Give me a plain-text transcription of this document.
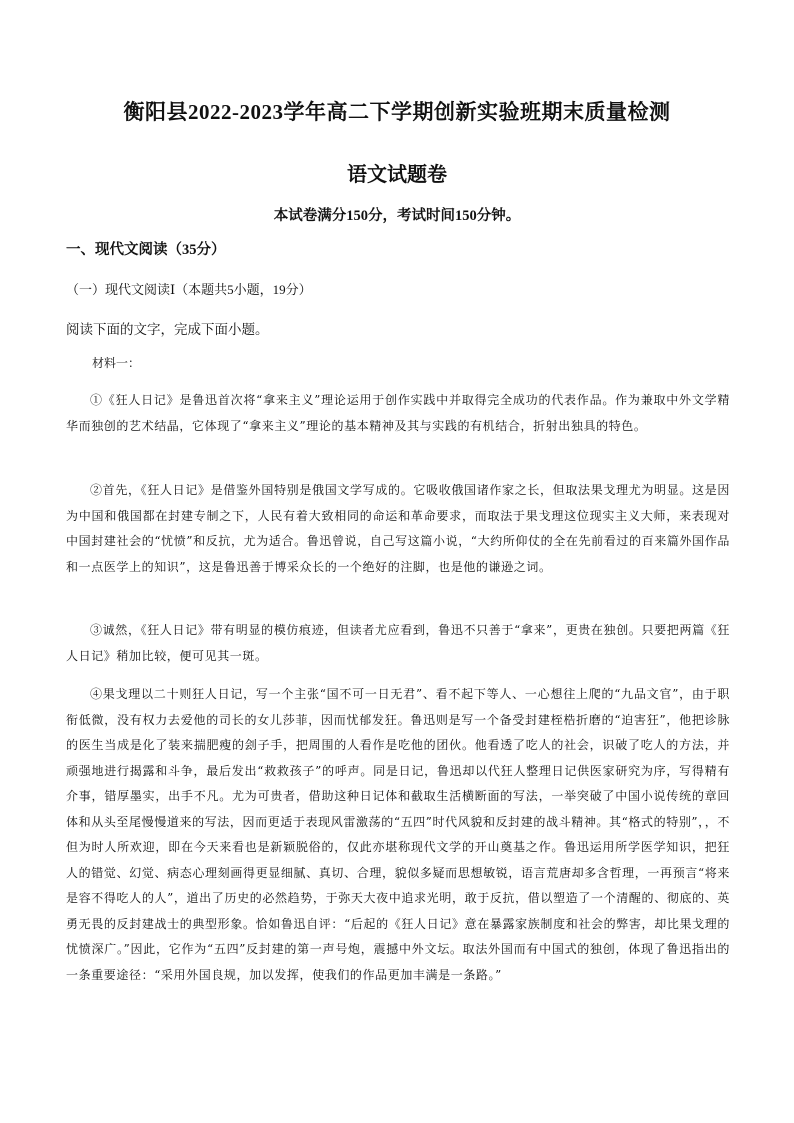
衡阳县2022-2023学年高二下学期创新实验班期末质量检测
语文试题卷
本试卷满分150分，考试时间150分钟。
一、现代文阅读（35分）
（一）现代文阅读Ⅰ（本题共5小题，19分）
阅读下面的文字，完成下面小题。
材料一：

①《狂人日记》是鲁迅首次将“拿来主义”理论运用于创作实践中并取得完全成功的代表作品。作为兼取中外文学精华而独创的艺术结晶，它体现了“拿来主义”理论的基本精神及其与实践的有机结合，折射出独具的特色。

②首先，《狂人日记》是借鉴外国特别是俄国文学写成的。它吸收俄国诸作家之长，但取法果戈理尤为明显。这是因为中国和俄国都在封建专制之下，人民有着大致相同的命运和革命要求，而取法于果戈理这位现实主义大师，来表现对中国封建社会的“忧愤”和反抗，尤为适合。鲁迅曾说，自己写这篇小说，“大约所仰仗的全在先前看过的百来篇外国作品和一点医学上的知识”，这是鲁迅善于博采众长的一个绝好的注脚，也是他的谦逊之词。

③诚然，《狂人日记》带有明显的模仿痕迹，但读者尤应看到，鲁迅不只善于“拿来”，更贵在独创。只要把两篇《狂人日记》稍加比较，便可见其一斑。

④果戈理以二十则狂人日记，写一个主张“国不可一日无君”、看不起下等人、一心想往上爬的“九品文官”，由于职衔低微，没有权力去爱他的司长的女儿莎菲，因而忧郁发狂。鲁迅则是写一个备受封建桎梏折磨的“迫害狂”，他把诊脉的医生当成是化了装来揣肥瘦的刽子手，把周围的人看作是吃他的团伙。他看透了吃人的社会，识破了吃人的方法，并顽强地进行揭露和斗争，最后发出“救救孩子”的呼声。同是日记，鲁迅却以代狂人整理日记供医家研究为序，写得精有介事，错厚墨实，出手不凡。尤为可贵者，借助这种日记体和截取生活横断面的写法，一举突破了中国小说传统的章回体和从头至尾慢慢道来的写法，因而更适于表现风雷激荡的“五四”时代风貌和反封建的战斗精神。其“格式的特别”，，不但为时人所欢迎，即在今天来看也是新颖脱俗的，仅此亦堪称现代文学的开山奠基之作。鲁迅运用所学医学知识，把狂人的错觉、幻觉、病态心理刻画得更显细腻、真切、合理，貌似多疑而思想敏锐，语言荒唐却多含哲理，一再预言“将来是容不得吃人的人”，道出了历史的必然趋势，于弥天大夜中追求光明，敢于反抗，借以塑造了一个清醒的、彻底的、英勇无畏的反封建战士的典型形象。恰如鲁迅自评：“后起的《狂人日记》意在暴露家族制度和社会的弊害，却比果戈理的忧愤深广。”因此，它作为“五四”反封建的第一声号炮，震撼中外文坛。取法外国而有中国式的独创，体现了鲁迅指出的一条重要途径：“采用外国良规，加以发挥，使我们的作品更加丰满是一条路。”
